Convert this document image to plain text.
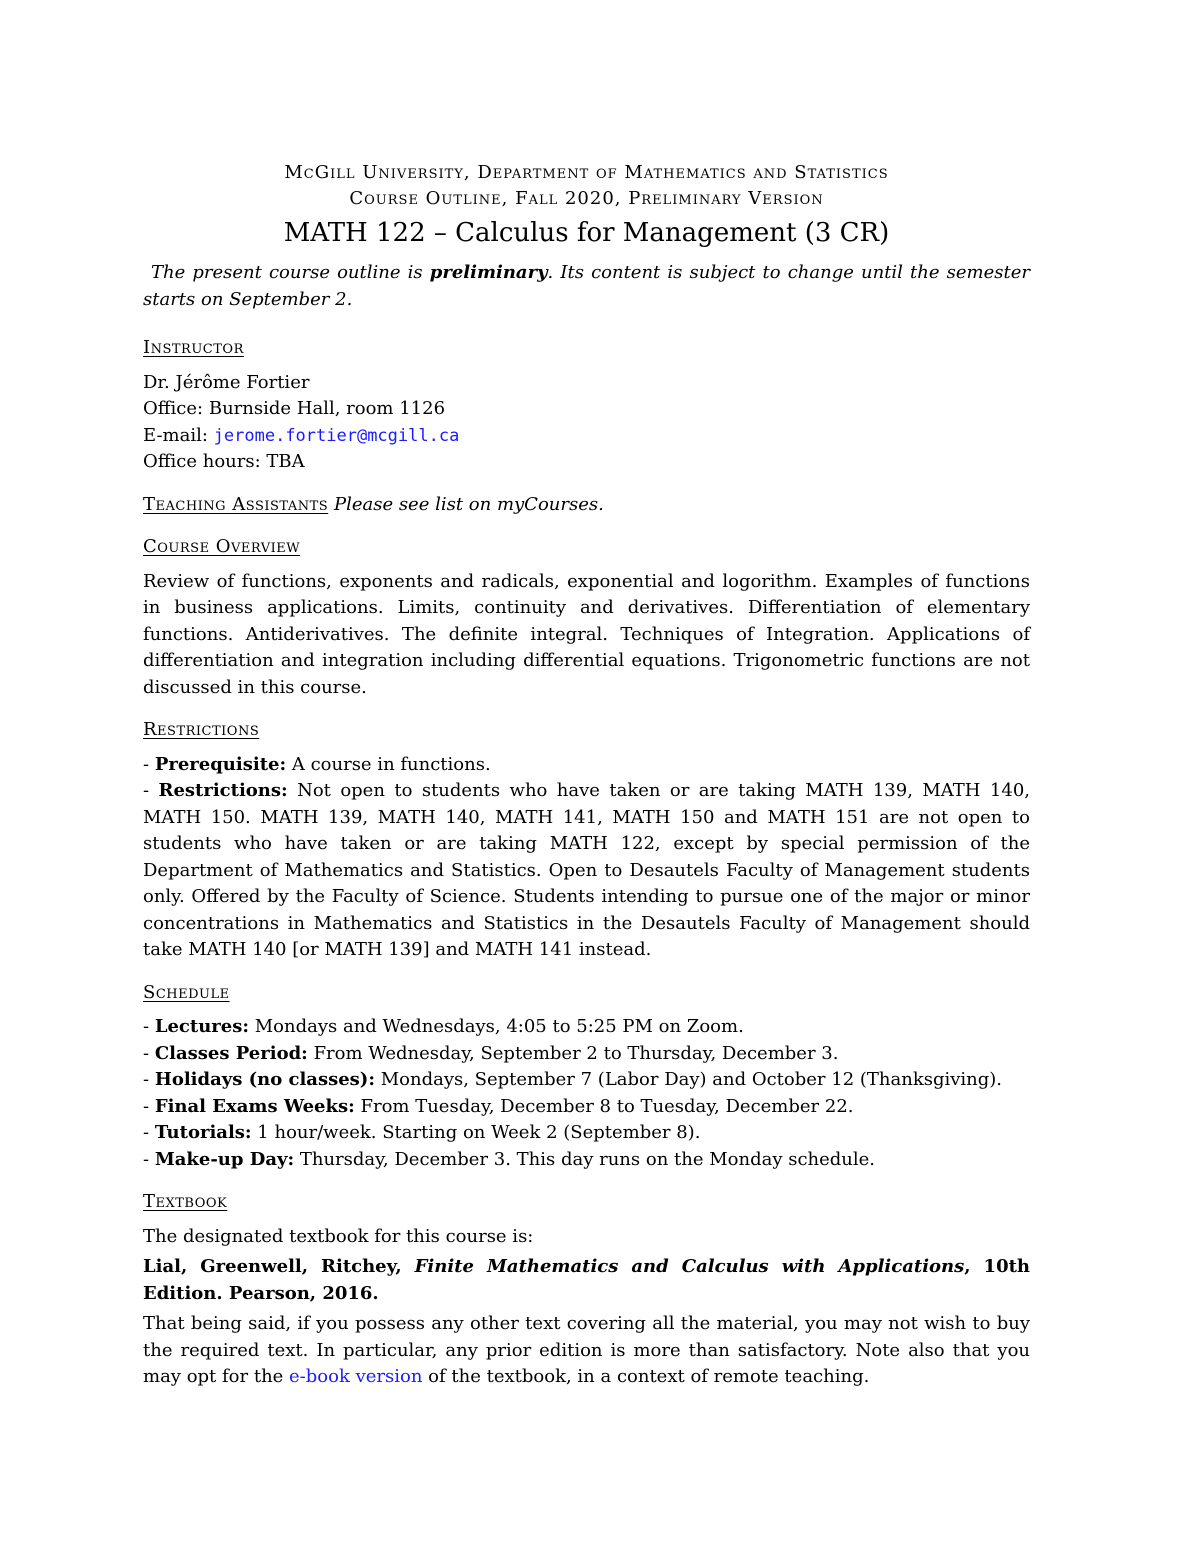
McGill University, Department of Mathematics and Statistics
Course Outline, Fall 2020, Preliminary Version
MATH 122 – Calculus for Management (3 CR)

The present course outline is preliminary. Its content is subject to change until the semester starts on September 2.

Instructor

Dr. Jérôme Fortier

Office: Burnside Hall, room 1126

E-mail: jerome.fortier@mcgill.ca

Office hours: TBA

Teaching Assistants Please see list on myCourses.
Course Overview

Review of functions, exponents and radicals, exponential and logorithm. Examples of functions in business applications. Limits, continuity and derivatives. Differentiation of elementary functions. Antiderivatives. The definite integral. Techniques of Integration. Applications of differentiation and integration including differential equations. Trigonometric functions are not discussed in this course.

Restrictions

- Prerequisite: A course in functions.

- Restrictions: Not open to students who have taken or are taking MATH 139, MATH 140, MATH 150. MATH 139, MATH 140, MATH 141, MATH 150 and MATH 151 are not open to students who have taken or are taking MATH 122, except by special permission of the Department of Mathematics and Statistics. Open to Desautels Faculty of Management students only. Offered by the Faculty of Science. Students intending to pursue one of the major or minor concentrations in Mathematics and Statistics in the Desautels Faculty of Management should take MATH 140 [or MATH 139] and MATH 141 instead.

Schedule

- Lectures: Mondays and Wednesdays, 4:05 to 5:25 PM on Zoom.

- Classes Period: From Wednesday, September 2 to Thursday, December 3.

- Holidays (no classes): Mondays, September 7 (Labor Day) and October 12 (Thanksgiving).

- Final Exams Weeks: From Tuesday, December 8 to Tuesday, December 22.

- Tutorials: 1 hour/week. Starting on Week 2 (September 8).

- Make-up Day: Thursday, December 3. This day runs on the Monday schedule.

Textbook

The designated textbook for this course is:

Lial, Greenwell, Ritchey, Finite Mathematics and Calculus with Applications, 10th Edition. Pearson, 2016.

That being said, if you possess any other text covering all the material, you may not wish to buy the required text. In particular, any prior edition is more than satisfactory. Note also that you may opt for the e-book version of the textbook, in a context of remote teaching.
